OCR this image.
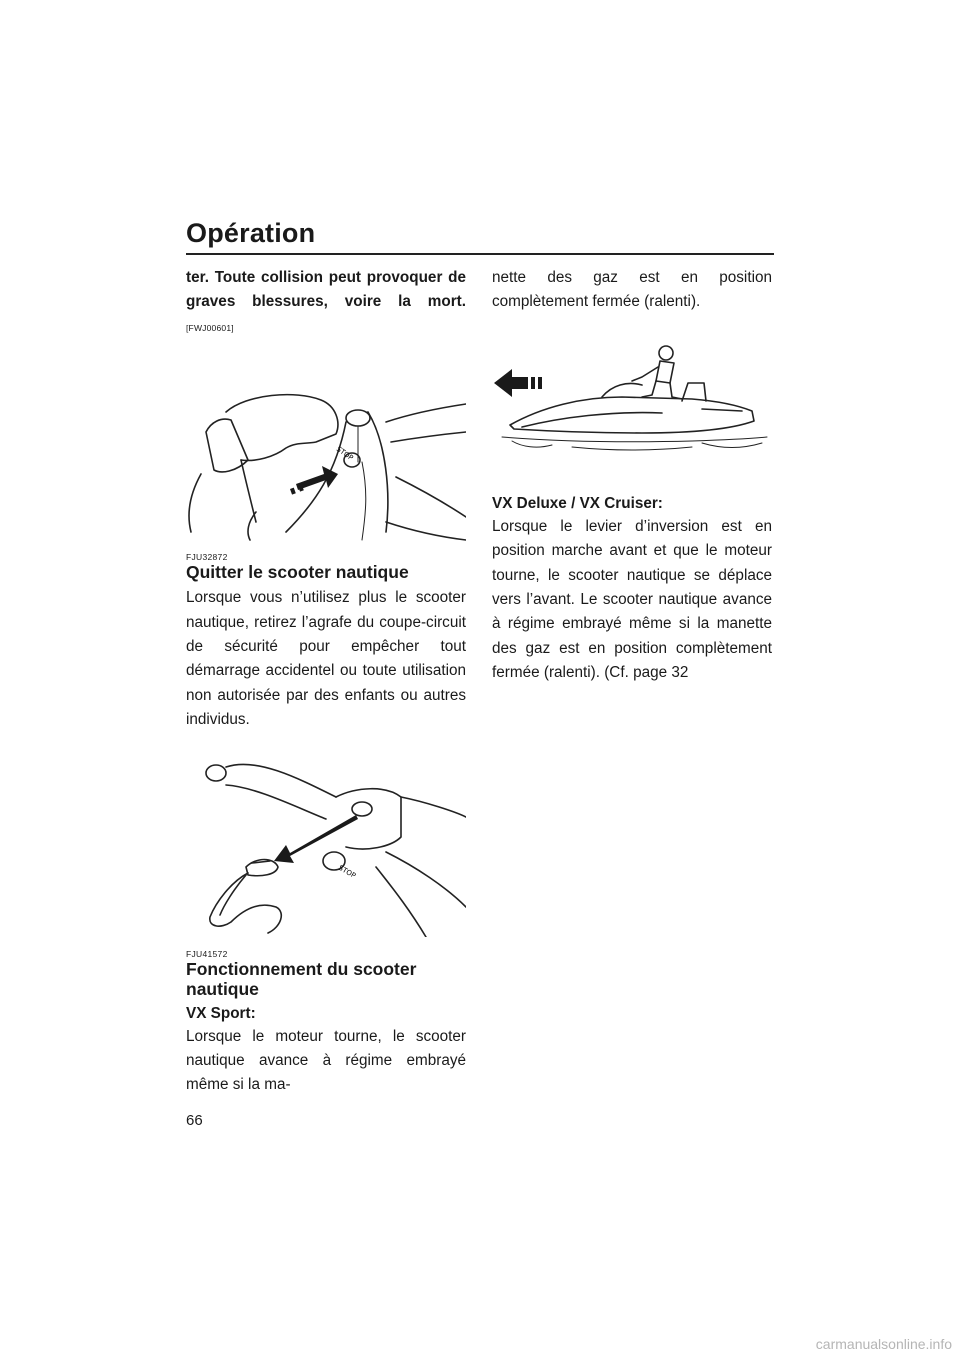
Opération

ter. Toute collision peut provoquer de graves blessures, voire la mort. [FWJ00601]

STOP

FJU32872

Quitter le scooter nautique

Lorsque vous n’utilisez plus le scooter nautique, retirez l’agrafe du coupe-circuit de sécurité pour empêcher tout démarrage accidentel ou toute utilisation non autorisée par des enfants ou autres individus.

STOP

FJU41572

Fonctionnement du scooter nautique

VX Sport:

Lorsque le moteur tourne, le scooter nautique avance à régime embrayé même si la ma-

nette des gaz est en position complètement fermée (ralenti).

VX Deluxe / VX Cruiser:

Lorsque le levier d’inversion est en position marche avant et que le moteur tourne, le scooter nautique se déplace vers l’avant. Le scooter nautique avance à régime embrayé même si la manette des gaz est en position complètement fermée (ralenti). (Cf. page 32

66
carmanualsonline.info
